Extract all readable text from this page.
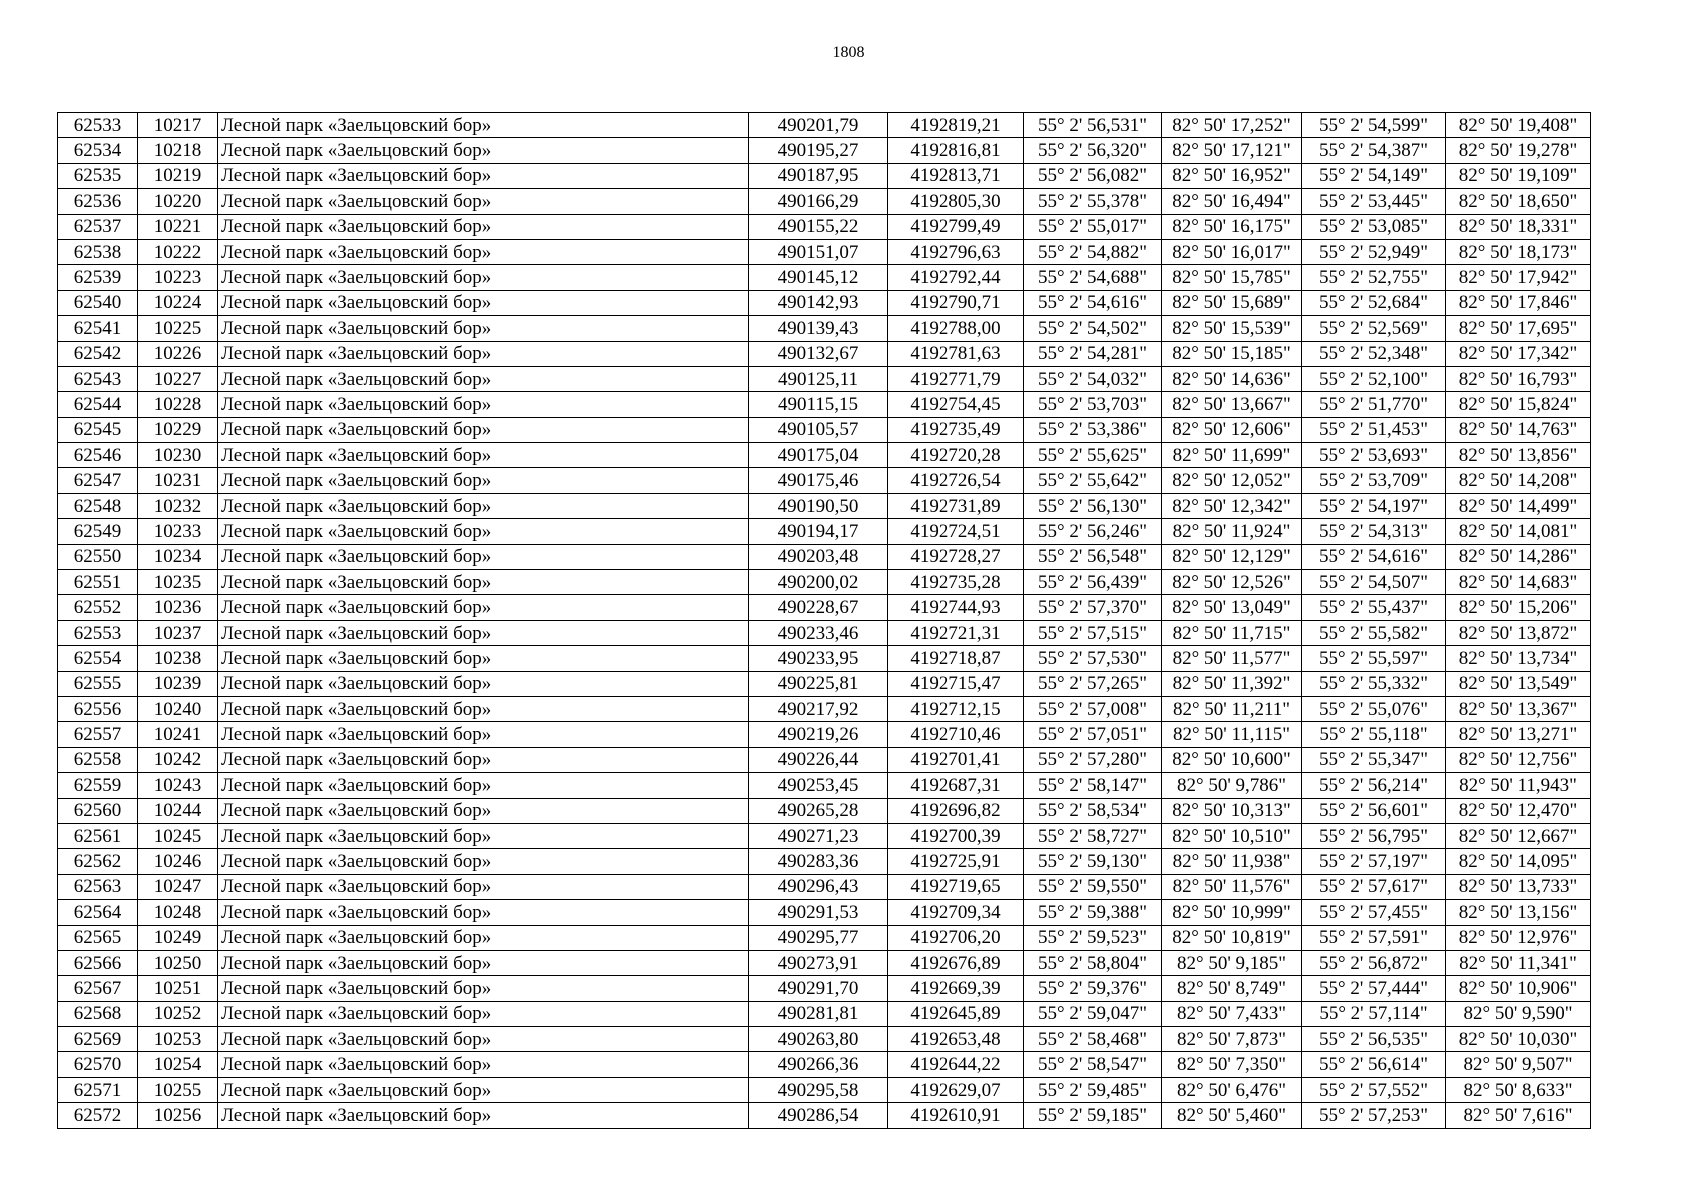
1808
62533	10217	Лесной парк «Заельцовский бор»	490201,79	4192819,21	55° 2' 56,531"	82° 50' 17,252"	55° 2' 54,599"	82° 50' 19,408"
62534	10218	Лесной парк «Заельцовский бор»	490195,27	4192816,81	55° 2' 56,320"	82° 50' 17,121"	55° 2' 54,387"	82° 50' 19,278"
62535	10219	Лесной парк «Заельцовский бор»	490187,95	4192813,71	55° 2' 56,082"	82° 50' 16,952"	55° 2' 54,149"	82° 50' 19,109"
62536	10220	Лесной парк «Заельцовский бор»	490166,29	4192805,30	55° 2' 55,378"	82° 50' 16,494"	55° 2' 53,445"	82° 50' 18,650"
62537	10221	Лесной парк «Заельцовский бор»	490155,22	4192799,49	55° 2' 55,017"	82° 50' 16,175"	55° 2' 53,085"	82° 50' 18,331"
62538	10222	Лесной парк «Заельцовский бор»	490151,07	4192796,63	55° 2' 54,882"	82° 50' 16,017"	55° 2' 52,949"	82° 50' 18,173"
62539	10223	Лесной парк «Заельцовский бор»	490145,12	4192792,44	55° 2' 54,688"	82° 50' 15,785"	55° 2' 52,755"	82° 50' 17,942"
62540	10224	Лесной парк «Заельцовский бор»	490142,93	4192790,71	55° 2' 54,616"	82° 50' 15,689"	55° 2' 52,684"	82° 50' 17,846"
62541	10225	Лесной парк «Заельцовский бор»	490139,43	4192788,00	55° 2' 54,502"	82° 50' 15,539"	55° 2' 52,569"	82° 50' 17,695"
62542	10226	Лесной парк «Заельцовский бор»	490132,67	4192781,63	55° 2' 54,281"	82° 50' 15,185"	55° 2' 52,348"	82° 50' 17,342"
62543	10227	Лесной парк «Заельцовский бор»	490125,11	4192771,79	55° 2' 54,032"	82° 50' 14,636"	55° 2' 52,100"	82° 50' 16,793"
62544	10228	Лесной парк «Заельцовский бор»	490115,15	4192754,45	55° 2' 53,703"	82° 50' 13,667"	55° 2' 51,770"	82° 50' 15,824"
62545	10229	Лесной парк «Заельцовский бор»	490105,57	4192735,49	55° 2' 53,386"	82° 50' 12,606"	55° 2' 51,453"	82° 50' 14,763"
62546	10230	Лесной парк «Заельцовский бор»	490175,04	4192720,28	55° 2' 55,625"	82° 50' 11,699"	55° 2' 53,693"	82° 50' 13,856"
62547	10231	Лесной парк «Заельцовский бор»	490175,46	4192726,54	55° 2' 55,642"	82° 50' 12,052"	55° 2' 53,709"	82° 50' 14,208"
62548	10232	Лесной парк «Заельцовский бор»	490190,50	4192731,89	55° 2' 56,130"	82° 50' 12,342"	55° 2' 54,197"	82° 50' 14,499"
62549	10233	Лесной парк «Заельцовский бор»	490194,17	4192724,51	55° 2' 56,246"	82° 50' 11,924"	55° 2' 54,313"	82° 50' 14,081"
62550	10234	Лесной парк «Заельцовский бор»	490203,48	4192728,27	55° 2' 56,548"	82° 50' 12,129"	55° 2' 54,616"	82° 50' 14,286"
62551	10235	Лесной парк «Заельцовский бор»	490200,02	4192735,28	55° 2' 56,439"	82° 50' 12,526"	55° 2' 54,507"	82° 50' 14,683"
62552	10236	Лесной парк «Заельцовский бор»	490228,67	4192744,93	55° 2' 57,370"	82° 50' 13,049"	55° 2' 55,437"	82° 50' 15,206"
62553	10237	Лесной парк «Заельцовский бор»	490233,46	4192721,31	55° 2' 57,515"	82° 50' 11,715"	55° 2' 55,582"	82° 50' 13,872"
62554	10238	Лесной парк «Заельцовский бор»	490233,95	4192718,87	55° 2' 57,530"	82° 50' 11,577"	55° 2' 55,597"	82° 50' 13,734"
62555	10239	Лесной парк «Заельцовский бор»	490225,81	4192715,47	55° 2' 57,265"	82° 50' 11,392"	55° 2' 55,332"	82° 50' 13,549"
62556	10240	Лесной парк «Заельцовский бор»	490217,92	4192712,15	55° 2' 57,008"	82° 50' 11,211"	55° 2' 55,076"	82° 50' 13,367"
62557	10241	Лесной парк «Заельцовский бор»	490219,26	4192710,46	55° 2' 57,051"	82° 50' 11,115"	55° 2' 55,118"	82° 50' 13,271"
62558	10242	Лесной парк «Заельцовский бор»	490226,44	4192701,41	55° 2' 57,280"	82° 50' 10,600"	55° 2' 55,347"	82° 50' 12,756"
62559	10243	Лесной парк «Заельцовский бор»	490253,45	4192687,31	55° 2' 58,147"	82° 50' 9,786"	55° 2' 56,214"	82° 50' 11,943"
62560	10244	Лесной парк «Заельцовский бор»	490265,28	4192696,82	55° 2' 58,534"	82° 50' 10,313"	55° 2' 56,601"	82° 50' 12,470"
62561	10245	Лесной парк «Заельцовский бор»	490271,23	4192700,39	55° 2' 58,727"	82° 50' 10,510"	55° 2' 56,795"	82° 50' 12,667"
62562	10246	Лесной парк «Заельцовский бор»	490283,36	4192725,91	55° 2' 59,130"	82° 50' 11,938"	55° 2' 57,197"	82° 50' 14,095"
62563	10247	Лесной парк «Заельцовский бор»	490296,43	4192719,65	55° 2' 59,550"	82° 50' 11,576"	55° 2' 57,617"	82° 50' 13,733"
62564	10248	Лесной парк «Заельцовский бор»	490291,53	4192709,34	55° 2' 59,388"	82° 50' 10,999"	55° 2' 57,455"	82° 50' 13,156"
62565	10249	Лесной парк «Заельцовский бор»	490295,77	4192706,20	55° 2' 59,523"	82° 50' 10,819"	55° 2' 57,591"	82° 50' 12,976"
62566	10250	Лесной парк «Заельцовский бор»	490273,91	4192676,89	55° 2' 58,804"	82° 50' 9,185"	55° 2' 56,872"	82° 50' 11,341"
62567	10251	Лесной парк «Заельцовский бор»	490291,70	4192669,39	55° 2' 59,376"	82° 50' 8,749"	55° 2' 57,444"	82° 50' 10,906"
62568	10252	Лесной парк «Заельцовский бор»	490281,81	4192645,89	55° 2' 59,047"	82° 50' 7,433"	55° 2' 57,114"	82° 50' 9,590"
62569	10253	Лесной парк «Заельцовский бор»	490263,80	4192653,48	55° 2' 58,468"	82° 50' 7,873"	55° 2' 56,535"	82° 50' 10,030"
62570	10254	Лесной парк «Заельцовский бор»	490266,36	4192644,22	55° 2' 58,547"	82° 50' 7,350"	55° 2' 56,614"	82° 50' 9,507"
62571	10255	Лесной парк «Заельцовский бор»	490295,58	4192629,07	55° 2' 59,485"	82° 50' 6,476"	55° 2' 57,552"	82° 50' 8,633"
62572	10256	Лесной парк «Заельцовский бор»	490286,54	4192610,91	55° 2' 59,185"	82° 50' 5,460"	55° 2' 57,253"	82° 50' 7,616"
